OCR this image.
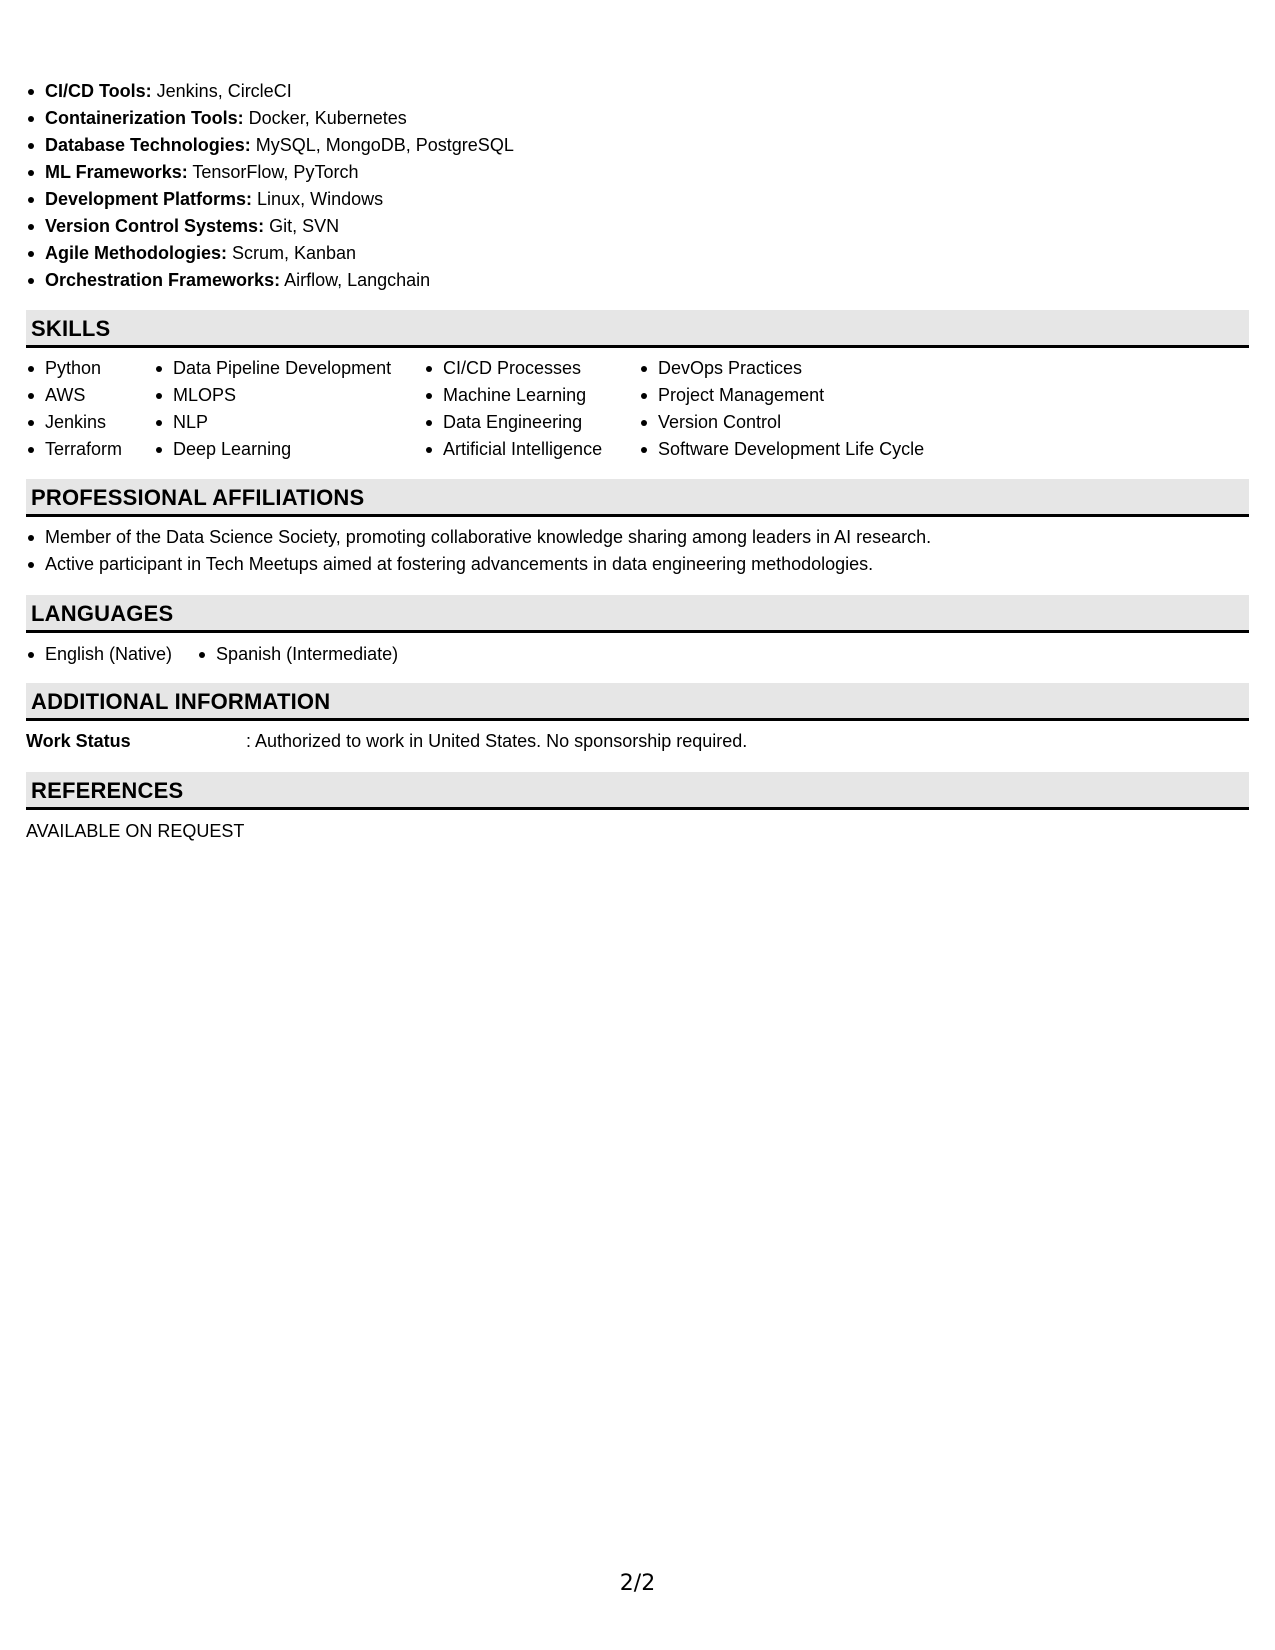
CI/CD Tools: Jenkins, CircleCI
Containerization Tools: Docker, Kubernetes
Database Technologies: MySQL, MongoDB, PostgreSQL
ML Frameworks: TensorFlow, PyTorch
Development Platforms: Linux, Windows
Version Control Systems: Git, SVN
Agile Methodologies: Scrum, Kanban
Orchestration Frameworks: Airflow, Langchain
SKILLS
Python
AWS
Jenkins
Terraform
Data Pipeline Development
MLOPS
NLP
Deep Learning
CI/CD Processes
Machine Learning
Data Engineering
Artificial Intelligence
DevOps Practices
Project Management
Version Control
Software Development Life Cycle
PROFESSIONAL AFFILIATIONS
Member of the Data Science Society, promoting collaborative knowledge sharing among leaders in AI research.
Active participant in Tech Meetups aimed at fostering advancements in data engineering methodologies.
LANGUAGES
English (Native)	Spanish (Intermediate)
ADDITIONAL INFORMATION
Work Status	: Authorized to work in United States. No sponsorship required.
REFERENCES
AVAILABLE ON REQUEST
2/2
